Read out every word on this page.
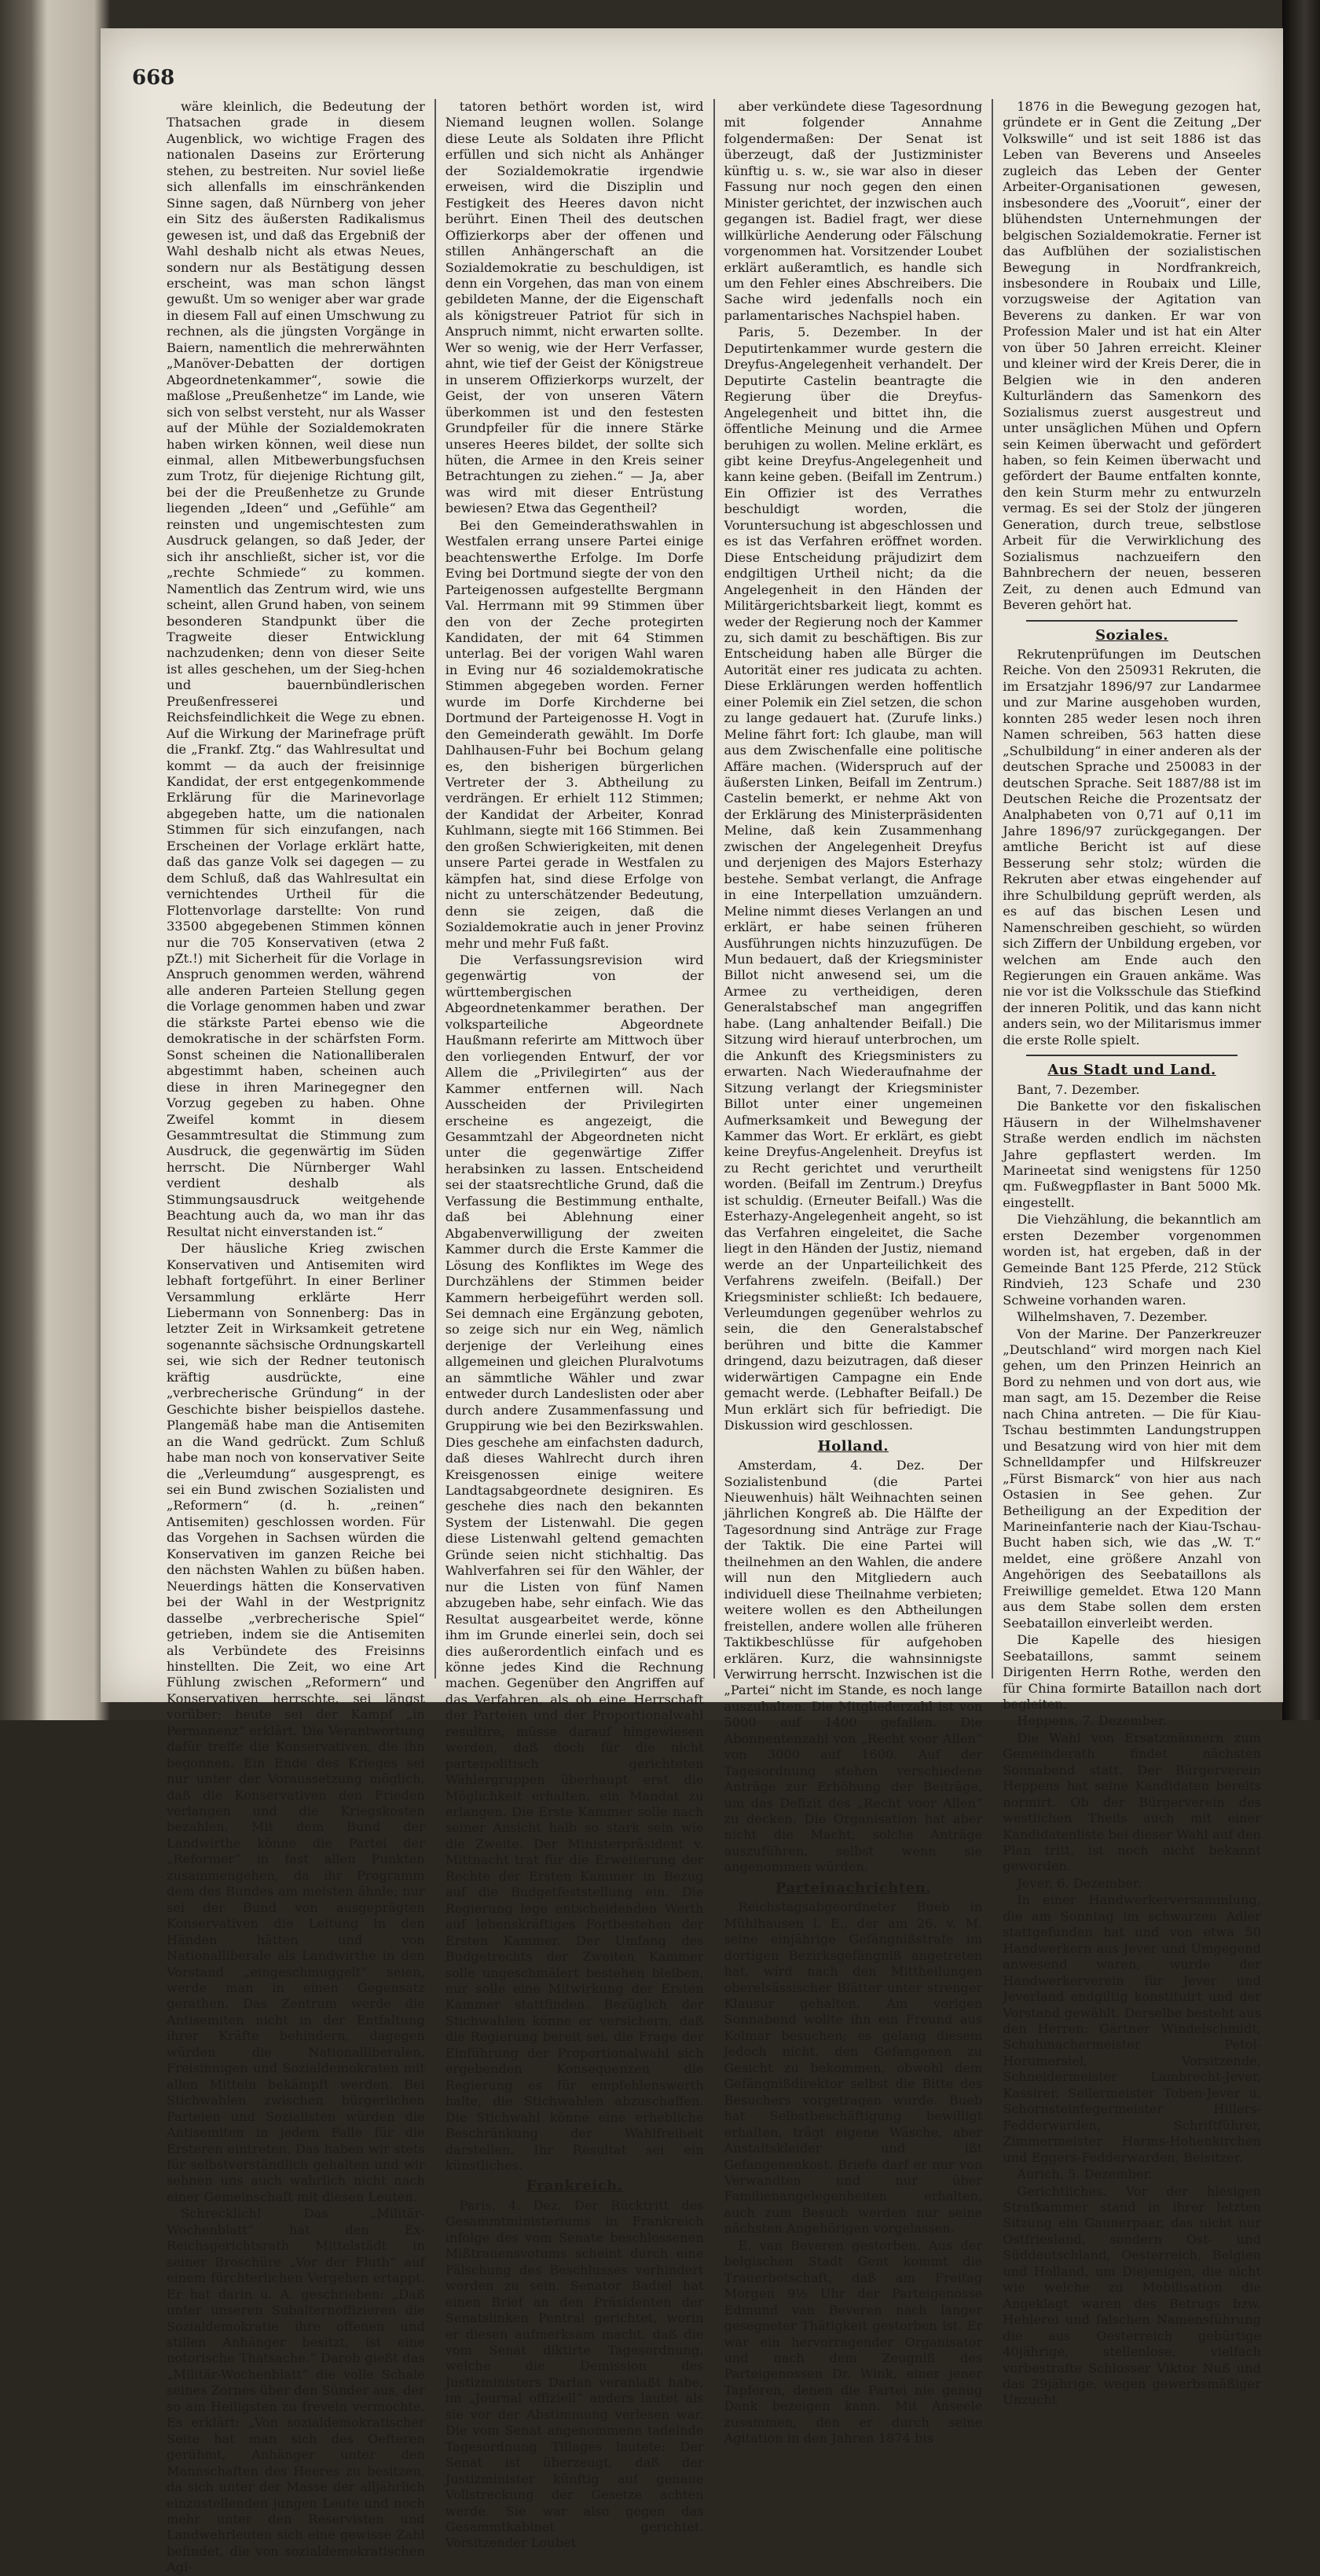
668

wäre kleinlich, die Bedeutung der Thatsachen grade in diesem Augenblick, wo wichtige Fragen des nationalen Daseins zur Erörterung stehen, zu bestreiten. Nur soviel ließe sich allenfalls im einschränkenden Sinne sagen, daß Nürnberg von jeher ein Sitz des äußersten Radikalismus gewesen ist, und daß das Ergebniß der Wahl deshalb nicht als etwas Neues, sondern nur als Bestätigung dessen erscheint, was man schon längst gewußt. Um so weniger aber war grade in diesem Fall auf einen Umschwung zu rechnen, als die jüngsten Vorgänge in Baiern, namentlich die mehrerwähnten „Manöver-Debatten der dortigen Abgeordnetenkammer“, sowie die maßlose „Preußenhetze“ im Lande, wie sich von selbst versteht, nur als Wasser auf der Mühle der Sozialdemokraten haben wirken können, weil diese nun einmal, allen Mitbewerbungsfuchsen zum Trotz, für diejenige Richtung gilt, bei der die Preußenhetze zu Grunde liegenden „Ideen“ und „Gefühle“ am reinsten und ungemischtesten zum Ausdruck gelangen, so daß Jeder, der sich ihr anschließt, sicher ist, vor die „rechte Schmiede“ zu kommen. Namentlich das Zentrum wird, wie uns scheint, allen Grund haben, von seinem besonderen Standpunkt über die Tragweite dieser Entwicklung nachzudenken; denn von dieser Seite ist alles geschehen, um der Sieg-hchen und bauernbündlerischen Preußenfresserei und Reichsfeindlichkeit die Wege zu ebnen. Auf die Wirkung der Marinefrage prüft die „Frankf. Ztg.“ das Wahlresultat und kommt — da auch der freisinnige Kandidat, der erst entgegenkommende Erklärung für die Marinevorlage abgegeben hatte, um die nationalen Stimmen für sich einzufangen, nach Erscheinen der Vorlage erklärt hatte, daß das ganze Volk sei dagegen — zu dem Schluß, daß das Wahlresultat ein vernichtendes Urtheil für die Flottenvorlage darstellte: Von rund 33500 abgegebenen Stimmen können nur die 705 Konservativen (etwa 2 pZt.!) mit Sicherheit für die Vorlage in Anspruch genommen werden, während alle anderen Parteien Stellung gegen die Vorlage genommen haben und zwar die stärkste Partei ebenso wie die demokratische in der schärfsten Form. Sonst scheinen die Nationalliberalen abgestimmt haben, scheinen auch diese in ihren Marinegegner den Vorzug gegeben zu haben. Ohne Zweifel kommt in diesem Gesammtresultat die Stimmung zum Ausdruck, die gegenwärtig im Süden herrscht. Die Nürnberger Wahl verdient deshalb als Stimmungsausdruck weitgehende Beachtung auch da, wo man ihr das Resultat nicht einverstanden ist.“

Der häusliche Krieg zwischen Konservativen und Antisemiten wird lebhaft fortgeführt. In einer Berliner Versammlung erklärte Herr Liebermann von Sonnenberg: Das in letzter Zeit in Wirksamkeit getretene sogenannte sächsische Ordnungskartell sei, wie sich der Redner teutonisch kräftig ausdrückte, eine „verbrecherische Gründung“ in der Geschichte bisher beispiellos dastehe. Plangemäß habe man die Antisemiten an die Wand gedrückt. Zum Schluß habe man noch von konservativer Seite die „Verleumdung“ ausgesprengt, es sei ein Bund zwischen Sozialisten und „Reformern“ (d. h. „reinen“ Antisemiten) geschlossen worden. Für das Vorgehen in Sachsen würden die Konservativen im ganzen Reiche bei den nächsten Wahlen zu büßen haben. Neuerdings hätten die Konservativen bei der Wahl in der Westprignitz dasselbe „verbrecherische Spiel“ getrieben, indem sie die Antisemiten als Verbündete des Freisinns hinstellten. Die Zeit, wo eine Art Fühlung zwischen „Reformern“ und Konservativen herrschte, sei längst vorüber; heute sei der Kampf „in Permanenz“ erklärt. Die Verantwortung dafür treffe die Konservativen, die ihn begonnen. Ein Ende des Krieges sei nur unter der Voraussetzung möglich, daß die Konservativen den Frieden verlangen und die Kriegskosten bezahlen. Mit dem Bund der Landwirthe könne die Partei der „Reformer“ in fast allen Punkten zusammengehen, da ihr Programm dem des Bundes am meisten ähnle; nur sei der Bund von ausgeprägten Konservativen die Leitung in den Händen hätten und von Nationalliberale als Landwirthe in den Vorstand „eingeschmuggelt“ seien, werde man in einen Gegensatz gerathen. Das Zentrum werde die Antisemiten nicht in der Entfaltung ihrer Kräfte behindern, dagegen würden die Nationalliberalen, Freisinnigen und Sozialdemokraten mit allen Mitteln bekämpft werden. Bei Stichwahlen zwischen bürgerlichen Parteien und Sozialisten würden die Antisemiten in jedem Falle für die Ersteren eintreten. Das haben wir stets für selbstverständlich gehalten und wir sehnen uns auch wahrlich nicht nach einer Gemeinschaft mit diesen Leuten.

Schrecklich! Das „Militär-Wochenblatt“ hat den Ex-Reichsgerichtsrath Mittelstädt in seiner Broschüre „Vor der Fluth“ auf einem fürchterlichen Vergehen ertappt. Er hat darin u. A. geschrieben: „Daß unter unseren Subalternoffizieren die Sozialdemokratie ihre offenen und stillen Anhänger besitzt, ist eine notorische Thatsache.“ Darob gießt das „Militär-Wochenblatt“ die volle Schale seines Zornes über den Sünder aus, der so am Heiligsten zu freveln vermochte. Es erklärt: „Von sozialdemokratischer Seite hat man sich des Oefteren gerühmt, Anhänger unter den Mannschaften des Heeres zu besitzen, da sich unter der Masse der alljährlich einzustellenden jungen Leute und noch mehr unter den Reservisten und Landwehrleuten sich eine gewisse Zahl befindet, die von sozialdemokratischen Agi-

tatoren bethört worden ist, wird Niemand leugnen wollen. Solange diese Leute als Soldaten ihre Pflicht erfüllen und sich nicht als Anhänger der Sozialdemokratie irgendwie erweisen, wird die Disziplin und Festigkeit des Heeres davon nicht berührt. Einen Theil des deutschen Offizierkorps aber der offenen und stillen Anhängerschaft an die Sozialdemokratie zu beschuldigen, ist denn ein Vorgehen, das man von einem gebildeten Manne, der die Eigenschaft als königstreuer Patriot für sich in Anspruch nimmt, nicht erwarten sollte. Wer so wenig, wie der Herr Verfasser, ahnt, wie tief der Geist der Königstreue in unserem Offizierkorps wurzelt, der Geist, der von unseren Vätern überkommen ist und den festesten Grundpfeiler für die innere Stärke unseres Heeres bildet, der sollte sich hüten, die Armee in den Kreis seiner Betrachtungen zu ziehen.“ — Ja, aber was wird mit dieser Entrüstung bewiesen? Etwa das Gegentheil?

Bei den Gemeinderathswahlen in Westfalen errang unsere Partei einige beachtenswerthe Erfolge. Im Dorfe Eving bei Dortmund siegte der von den Parteigenossen aufgestellte Bergmann Val. Herrmann mit 99 Stimmen über den von der Zeche protegirten Kandidaten, der mit 64 Stimmen unterlag. Bei der vorigen Wahl waren in Eving nur 46 sozialdemokratische Stimmen abgegeben worden. Ferner wurde im Dorfe Kirchderne bei Dortmund der Parteigenosse H. Vogt in den Gemeinderath gewählt. Im Dorfe Dahlhausen-Fuhr bei Bochum gelang es, den bisherigen bürgerlichen Vertreter der 3. Abtheilung zu verdrängen. Er erhielt 112 Stimmen; der Kandidat der Arbeiter, Konrad Kuhlmann, siegte mit 166 Stimmen. Bei den großen Schwierigkeiten, mit denen unsere Partei gerade in Westfalen zu kämpfen hat, sind diese Erfolge von nicht zu unterschätzender Bedeutung, denn sie zeigen, daß die Sozialdemokratie auch in jener Provinz mehr und mehr Fuß faßt.

Die Verfassungsrevision wird gegenwärtig von der württembergischen Abgeordnetenkammer berathen. Der volksparteiliche Abgeordnete Haußmann referirte am Mittwoch über den vorliegenden Entwurf, der vor Allem die „Privilegirten“ aus der Kammer entfernen will. Nach Ausscheiden der Privilegirten erscheine es angezeigt, die Gesammtzahl der Abgeordneten nicht unter die gegenwärtige Ziffer herabsinken zu lassen. Entscheidend sei der staatsrechtliche Grund, daß die Verfassung die Bestimmung enthalte, daß bei Ablehnung einer Abgabenverwilligung der zweiten Kammer durch die Erste Kammer die Lösung des Konfliktes im Wege des Durchzählens der Stimmen beider Kammern herbeigeführt werden soll. Sei demnach eine Ergänzung geboten, so zeige sich nur ein Weg, nämlich derjenige der Verleihung eines allgemeinen und gleichen Pluralvotums an sämmtliche Wähler und zwar entweder durch Landeslisten oder aber durch andere Zusammenfassung und Gruppirung wie bei den Bezirkswahlen. Dies geschehe am einfachsten dadurch, daß dieses Wahlrecht durch ihren Kreisgenossen einige weitere Landtagsabgeordnete designiren. Es geschehe dies nach den bekannten System der Listenwahl. Die gegen diese Listenwahl geltend gemachten Gründe seien nicht stichhaltig. Das Wahlverfahren sei für den Wähler, der nur die Listen von fünf Namen abzugeben habe, sehr einfach. Wie das Resultat ausgearbeitet werde, könne ihm im Grunde einerlei sein, doch sei dies außerordentlich einfach und es könne jedes Kind die Rechnung machen. Gegenüber den Angriffen auf das Verfahren, als ob eine Herrschaft der Parteien und der Proportionalwahl resultire, müsse darauf hingewiesen werden, daß doch für die nicht parteipolitisch gerichteten Wählergruppen überhaupt erst die Möglichkeit erhalten, ein Mandat zu erlangen. Die Erste Kammer solle nach seiner Ansicht halb so stark sein wie die Zweite. Der Ministerpräsident v. Mittnacht trat für die Erweiterung der Rechte der Ersten Kammer in Bezug auf die Budgetfeststellung ein. Die Regierung lege entscheidenden Werth auf lebenskräftiges Fortbestehen der Ersten Kammer. Der Umfang des Budgetrechts der Zweiten Kammer solle ungeschmälert bestehen bleiben, nur solle eine Mitwirkung der Ersten Kammer stattfinden. Bezüglich der Stichwahlen könne er versichern, daß die Regierung bereit sei, die Frage der Einführung der Proportionalwahl sich ergebenden Konsequenzen die Regierung es für empfehlenswerth halte, die Stichwahlen abzuschaffen. Die Stichwahl könne eine erhebliche Beschränkung der Wahlfreiheit darstellen. Ihr Resultat sei ein künstliches.

Frankreich.

Paris, 4. Dez. Der Rücktritt des Gesammtministeriums in Frankreich infolge des vom Senate beschlossenen Mißtrauensvotums scheint durch eine Fälschung des Beschlusses verhindert worden zu sein. Senator Badiel hat einen Brief an den Präsidenten der Senatslinken Pentral gerichtet, worin er diesen aufmerksam macht, daß die vom Senat diktirte Tagesordnung, welche die Demission des Justizministers Darlan veranlaßt habe, im „Journal offiziell“ anders lautet als sie vor der Abstimmung verlesen war. Die vom Senat angenommene tadelnde Tagesordnung Tillages lautete: Der Senat ist überzeugt, daß der Justizminister künftig auf genaue Vollstreckung der Gesetze achten werde. Sie war also gegen das Gesammtkabinet gerichtet. Vorsitzender Loubet

aber verkündete diese Tagesordnung mit folgender Annahme folgendermaßen: Der Senat ist überzeugt, daß der Justizminister künftig u. s. w., sie war also in dieser Fassung nur noch gegen den einen Minister gerichtet, der inzwischen auch gegangen ist. Badiel fragt, wer diese willkürliche Aenderung oder Fälschung vorgenommen hat. Vorsitzender Loubet erklärt außeramtlich, es handle sich um den Fehler eines Abschreibers. Die Sache wird jedenfalls noch ein parlamentarisches Nachspiel haben.

Paris, 5. Dezember. In der Deputirtenkammer wurde gestern die Dreyfus-Angelegenheit verhandelt. Der Deputirte Castelin beantragte die Regierung über die Dreyfus-Angelegenheit und bittet ihn, die öffentliche Meinung und die Armee beruhigen zu wollen. Meline erklärt, es gibt keine Dreyfus-Angelegenheit und kann keine geben. (Beifall im Zentrum.) Ein Offizier ist des Verrathes beschuldigt worden, die Voruntersuchung ist abgeschlossen und es ist das Verfahren eröffnet worden. Diese Entscheidung präjudizirt dem endgiltigen Urtheil nicht; da die Angelegenheit in den Händen der Militärgerichtsbarkeit liegt, kommt es weder der Regierung noch der Kammer zu, sich damit zu beschäftigen. Bis zur Entscheidung haben alle Bürger die Autorität einer res judicata zu achten. Diese Erklärungen werden hoffentlich einer Polemik ein Ziel setzen, die schon zu lange gedauert hat. (Zurufe links.) Meline fährt fort: Ich glaube, man will aus dem Zwischenfalle eine politische Affäre machen. (Widerspruch auf der äußersten Linken, Beifall im Zentrum.) Castelin bemerkt, er nehme Akt von der Erklärung des Ministerpräsidenten Meline, daß kein Zusammenhang zwischen der Angelegenheit Dreyfus und derjenigen des Majors Esterhazy bestehe. Sembat verlangt, die Anfrage in eine Interpellation umzuändern. Meline nimmt dieses Verlangen an und erklärt, er habe seinen früheren Ausführungen nichts hinzuzufügen. De Mun bedauert, daß der Kriegsminister Billot nicht anwesend sei, um die Armee zu vertheidigen, deren Generalstabschef man angegriffen habe. (Lang anhaltender Beifall.) Die Sitzung wird hierauf unterbrochen, um die Ankunft des Kriegsministers zu erwarten. Nach Wiederaufnahme der Sitzung verlangt der Kriegsminister Billot unter einer ungemeinen Aufmerksamkeit und Bewegung der Kammer das Wort. Er erklärt, es giebt keine Dreyfus-Angelenheit. Dreyfus ist zu Recht gerichtet und verurtheilt worden. (Beifall im Zentrum.) Dreyfus ist schuldig. (Erneuter Beifall.) Was die Esterhazy-Angelegenheit angeht, so ist das Verfahren eingeleitet, die Sache liegt in den Händen der Justiz, niemand werde an der Unparteilichkeit des Verfahrens zweifeln. (Beifall.) Der Kriegsminister schließt: Ich bedauere, Verleumdungen gegenüber wehrlos zu sein, die den Generalstabschef berühren und bitte die Kammer dringend, dazu beizutragen, daß dieser widerwärtigen Campagne ein Ende gemacht werde. (Lebhafter Beifall.) De Mun erklärt sich für befriedigt. Die Diskussion wird geschlossen.

Holland.

Amsterdam, 4. Dez. Der Sozialistenbund (die Partei Nieuwenhuis) hält Weihnachten seinen jährlichen Kongreß ab. Die Hälfte der Tagesordnung sind Anträge zur Frage der Taktik. Die eine Partei will theilnehmen an den Wahlen, die andere will nun den Mitgliedern auch individuell diese Theilnahme verbieten; weitere wollen es den Abtheilungen freistellen, andere wollen alle früheren Taktikbeschlüsse für aufgehoben erklären. Kurz, die wahnsinnigste Verwirrung herrscht. Inzwischen ist die „Partei“ nicht im Stande, es noch lange auszuhalten. Die Mitgliederzahl ist von 5000 auf 1400 gefallen. Die Abonnentenzahl von „Recht voor Allen“ von 3000 auf 1600. Auf der Tagesordnung stehen verschiedene Anträge zur Erhöhung der Beiträge, um das Defizit des „Recht voor Allen“ zu decken. Die Organisation hat aber nicht die Macht, solche Anträge auszuführen, selbst wenn sie angenommen würden.

Parteinachrichten.

Reichstagsabgeordneter Bueb in Mühlhausen i. E., der am 26. v. M. seine einjährige Gefängnißstrafe im dortigen Bezirksgefängniß angetreten hat, wird nach den Mittheilungen oberelsässischer Blätter unter strenger Klausur gehalten. Am vorigen Sonnabend wollte ihn ein Freund aus Kolmar besuchen; es gelang diesem jedoch nicht, den Gefangenen zu Gesicht zu bekommen, obwohl dem Gefängnißdirektor selbst die Bitte des Besuchers vorgetragen wurde. Bueb hat Selbstbeschäftigung bewilligt erhalten, trägt eigene Wäsche, aber Anstaltskleider und ißt Gefangenenkost. Briefe darf er nur von Verwandten und nur über Familienangelegenheiten erhalten, auch zum Besuch werden nur seine nächsten Angehörigen vorgelassen.

E. van Beveren gestorben. Aus der belgischen Stadt Gent kommt die Trauerbotschaft, daß am Freitag Morgen 9½ Uhr der Parteigenosse Edmund van Beveren nach langer gesegneter Thätigkeit gestorben ist. Er war ein hervorragender Organisator und nach dem Zeugniß des Parteigenossen Dr. Wink, einer jener Tapferen, denen die Partei nie genug Dank bezeigen kann. Mit Anseele zusammen, den er durch seine Agitation in den Jahren 1874 bis

1876 in die Bewegung gezogen hat, gründete er in Gent die Zeitung „Der Volkswille“ und ist seit 1886 ist das Leben van Beverens und Anseeles zugleich das Leben der Genter Arbeiter-Organisationen gewesen, insbesondere des „Vooruit“, einer der blühendsten Unternehmungen der belgischen Sozialdemokratie. Ferner ist das Aufblühen der sozialistischen Bewegung in Nordfrankreich, insbesondere in Roubaix und Lille, vorzugsweise der Agitation van Beverens zu danken. Er war von Profession Maler und ist hat ein Alter von über 50 Jahren erreicht. Kleiner und kleiner wird der Kreis Derer, die in Belgien wie in den anderen Kulturländern das Samenkorn des Sozialismus zuerst ausgestreut und unter unsäglichen Mühen und Opfern sein Keimen überwacht und gefördert haben, so fein Keimen überwacht und gefördert der Baume entfalten konnte, den kein Sturm mehr zu entwurzeln vermag. Es sei der Stolz der jüngeren Generation, durch treue, selbstlose Arbeit für die Verwirklichung des Sozialismus nachzueifern den Bahnbrechern der neuen, besseren Zeit, zu denen auch Edmund van Beveren gehört hat.

Soziales.

Rekrutenprüfungen im Deutschen Reiche. Von den 250931 Rekruten, die im Ersatzjahr 1896/97 zur Landarmee und zur Marine ausgehoben wurden, konnten 285 weder lesen noch ihren Namen schreiben, 563 hatten diese „Schulbildung“ in einer anderen als der deutschen Sprache und 250083 in der deutschen Sprache. Seit 1887/88 ist im Deutschen Reiche die Prozentsatz der Analphabeten von 0,71 auf 0,11 im Jahre 1896/97 zurückgegangen. Der amtliche Bericht ist auf diese Besserung sehr stolz; würden die Rekruten aber etwas eingehender auf ihre Schulbildung geprüft werden, als es auf das bischen Lesen und Namenschreiben geschieht, so würden sich Ziffern der Unbildung ergeben, vor welchen am Ende auch den Regierungen ein Grauen ankäme. Was nie vor ist die Volksschule das Stiefkind der inneren Politik, und das kann nicht anders sein, wo der Militarismus immer die erste Rolle spielt.

Aus Stadt und Land.

Bant, 7. Dezember.

Die Bankette vor den fiskalischen Häusern in der Wilhelmshavener Straße werden endlich im nächsten Jahre gepflastert werden. Im Marineetat sind wenigstens für 1250 qm. Fußwegpflaster in Bant 5000 Mk. eingestellt.

Die Viehzählung, die bekanntlich am ersten Dezember vorgenommen worden ist, hat ergeben, daß in der Gemeinde Bant 125 Pferde, 212 Stück Rindvieh, 123 Schafe und 230 Schweine vorhanden waren.

Wilhelmshaven, 7. Dezember.

Von der Marine. Der Panzerkreuzer „Deutschland“ wird morgen nach Kiel gehen, um den Prinzen Heinrich an Bord zu nehmen und von dort aus, wie man sagt, am 15. Dezember die Reise nach China antreten. — Die für Kiau-Tschau bestimmten Landungstruppen und Besatzung wird von hier mit dem Schnelldampfer und Hilfskreuzer „Fürst Bismarck“ von hier aus nach Ostasien in See gehen. Zur Betheiligung an der Expedition der Marineinfanterie nach der Kiau-Tschau-Bucht haben sich, wie das „W. T.“ meldet, eine größere Anzahl von Angehörigen des Seebataillons als Freiwillige gemeldet. Etwa 120 Mann aus dem Stabe sollen dem ersten Seebataillon einverleibt werden.

Die Kapelle des hiesigen Seebataillons, sammt seinem Dirigenten Herrn Rothe, werden den für China formirte Bataillon nach dort begleiten.

Heppens, 7. Dezember.

Die Wahl von Ersatzmännern zum Gemeinderath findet nächsten Sonnabend statt. Der Bürgerverein Heppens hat seine Kandidaten bereits normirt. Ob der Bürgerverein des westlichen Theils auch mit einer Kandidatenliste bei dieser Wahl auf den Plan tritt, ist noch nicht bekannt geworden.

Jever, 6. Dezember.

In einer Handwerkerversammlung, die am Sonntag im schwarzen Adler stattgefunden hat und von etwa 50 Handwerkern aus Jever und Umgegend anwesend waren, wurde der Handwerkerverein für Jever und Jeverland endgiltig konstituirt und der Vorstand gewählt. Derselbe besteht aus den Herren: Gärtner Windelschmidt, Schuhmachermeister Petol-Horumersiel, Vorsitzende, Schneidermeister Lambrecht-Jever, Kassirer, Seilermeister Toben-Jever u. Schornsteinfegermeister Hillers-Fedderwarden, Schriftführer, Zimmermeister Harms-Hohenkirchen und Eggers-Fedderwarden, Beisitzer.

Aurich, 5. Dezember.

Gerichtliches. Vor der hiesigen Strafkammer stand in ihrer letzten Sitzung ein Gaunerpaar, das nicht nur Ostfriesland, sondern Ost- und Süddeutschland, Oesterreich, Belgien und Holland, um Diejenigen, die nicht wie welche zu Mobilisation die Angeklagt waren des Betrugs bzw. Hehlerei und falschen Namensführung die aus Oesterreich gebürtige 40jährige, stellenlose, vielfach vorbestrafte Schlosser Viktor Nuß und das 29jährige, wegen gewerbsmäßiger Unzucht
